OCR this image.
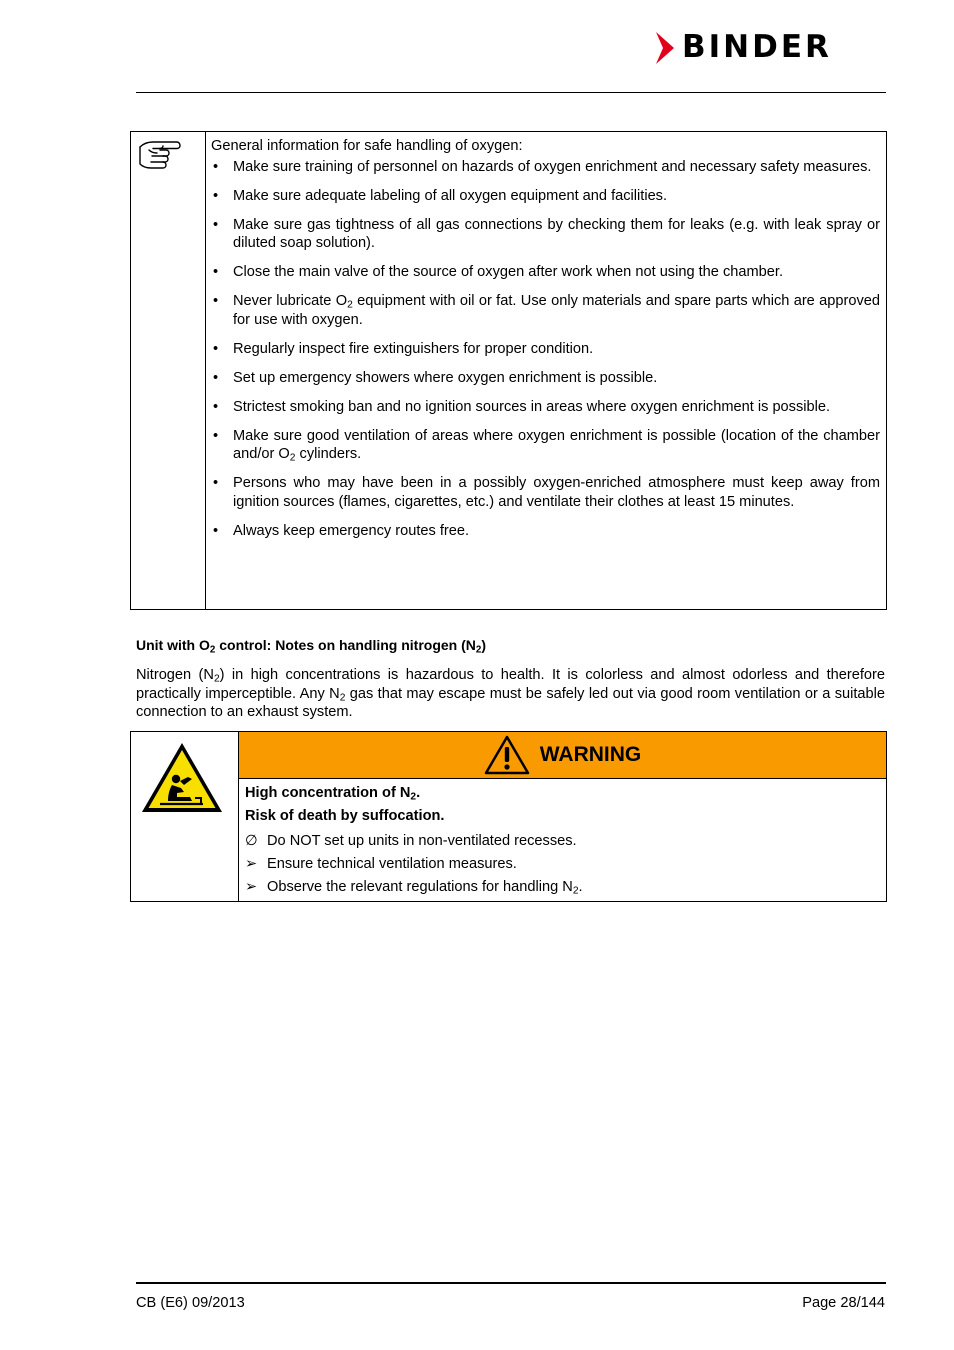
BINDER

General information for safe handling of oxygen:

• Make sure training of personnel on hazards of oxygen enrichment and necessary safety measures.
• Make sure adequate labeling of all oxygen equipment and facilities.
• Make sure gas tightness of all gas connections by checking them for leaks (e.g. with leak spray or diluted soap solution).
• Close the main valve of the source of oxygen after work when not using the chamber.
• Never lubricate $O_2$ equipment with oil or fat. Use only materials and spare parts which are approved for use with oxygen.
• Regularly inspect fire extinguishers for proper condition.
• Set up emergency showers where oxygen enrichment is possible.
• Strictest smoking ban and no ignition sources in areas where oxygen enrichment is possible.
• Make sure good ventilation of areas where oxygen enrichment is possible (location of the chamber and/or $O_2$ cylinders.
• Persons who may have been in a possibly oxygen-enriched atmosphere must keep away from ignition sources (flames, cigarettes, etc.) and ventilate their clothes at least 15 minutes.
• Always keep emergency routes free.
Unit with $O_2$ control: Notes on handling nitrogen $(N_2)$
Nitrogen $(N_2)$ in high concentrations is hazardous to health. It is colorless and almost odorless and therefore practically imperceptible. Any $N_2$ gas that may escape must be safely led out via good room ventilation or a suitable connection to an exhaust system.
WARNING

High concentration of $N_2$.

Risk of death by suffocation.

∅ Do NOT set up units in non-ventilated recesses.

➢ Ensure technical ventilation measures.

➢ Observe the relevant regulations for handling $N_2$.

CB (E6) 09/2013	Page 28/144
